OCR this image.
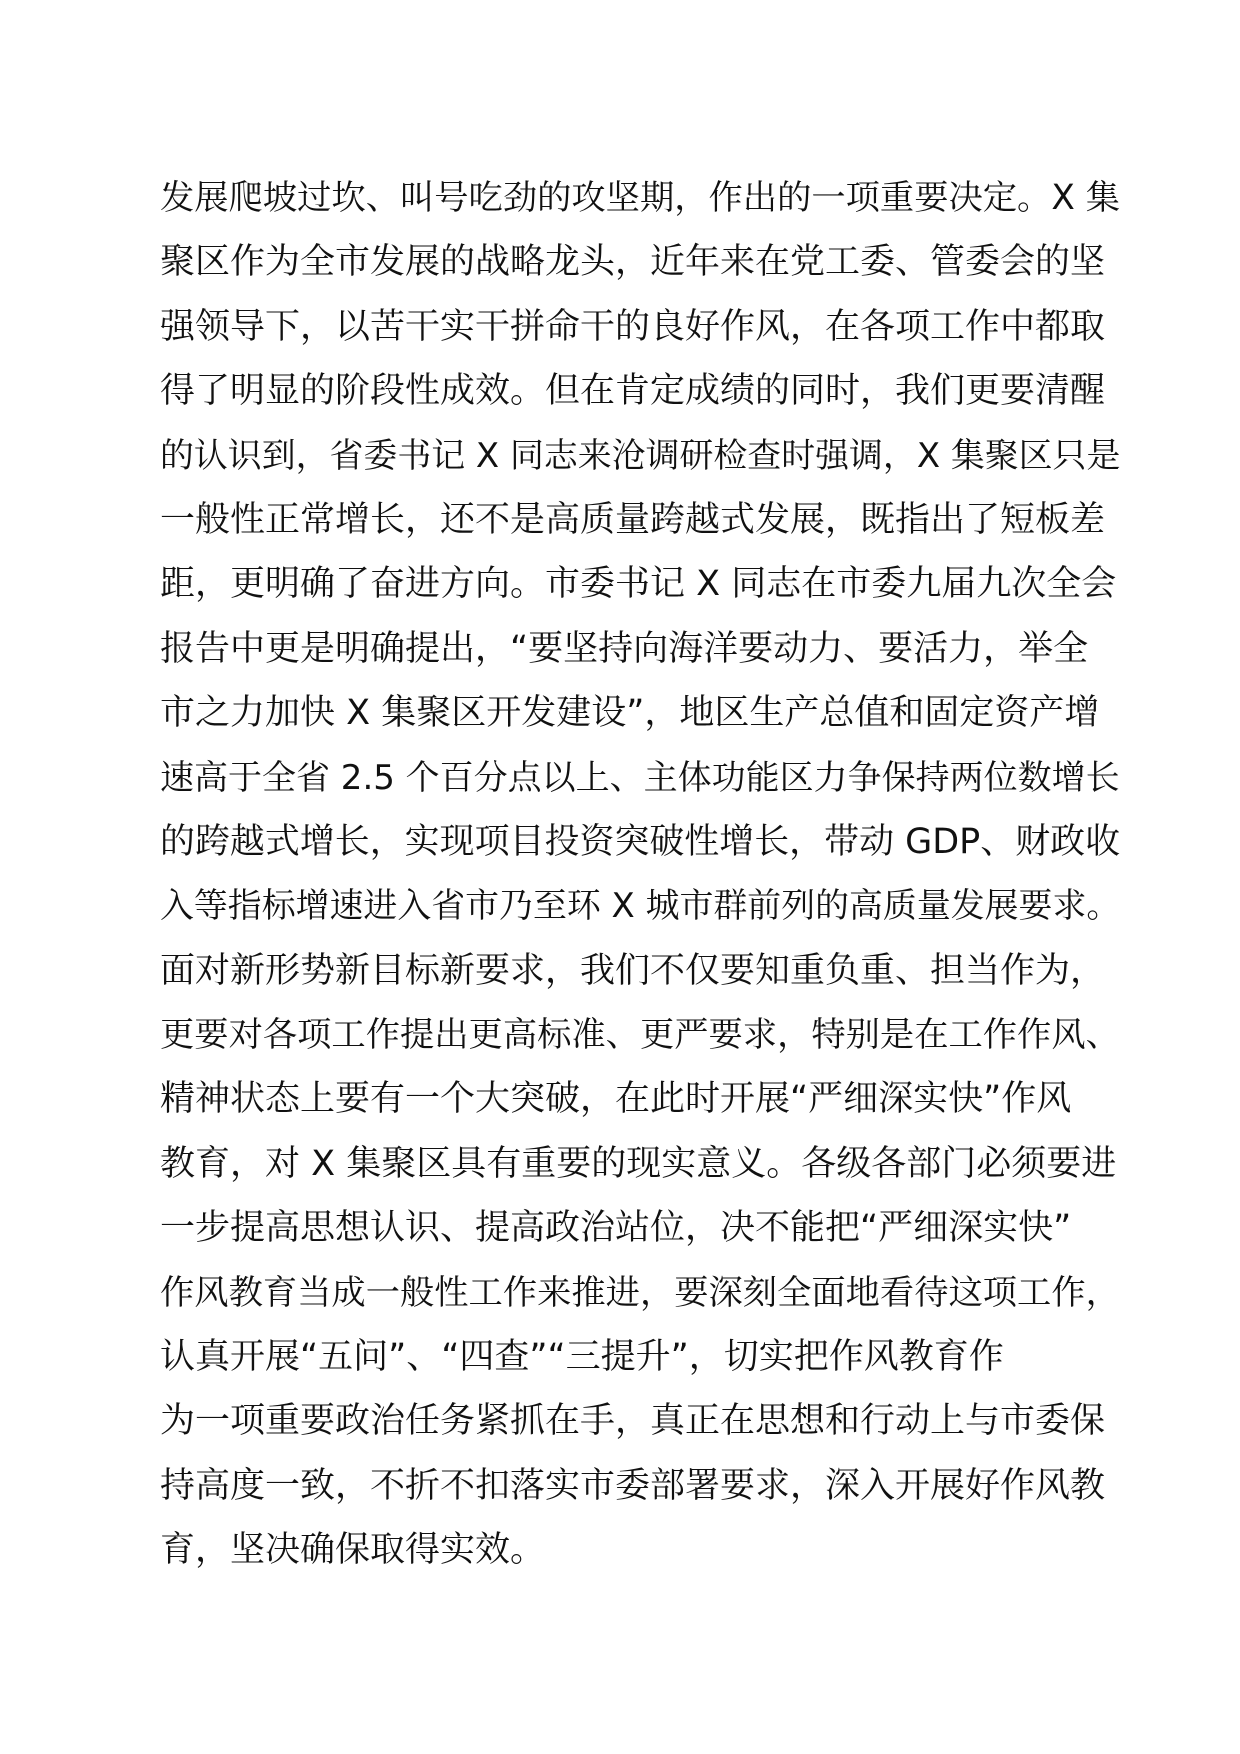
发展爬坡过坎、叫号吃劲的攻坚期，作出的一项重要决定。X 集
聚区作为全市发展的战略龙头，近年来在党工委、管委会的坚
强领导下，以苦干实干拼命干的良好作风，在各项工作中都取
得了明显的阶段性成效。但在肯定成绩的同时，我们更要清醒
的认识到，省委书记 X 同志来沧调研检查时强调，X 集聚区只是
一般性正常增长，还不是高质量跨越式发展，既指出了短板差
距，更明确了奋进方向。市委书记 X 同志在市委九届九次全会
报告中更是明确提出，“要坚持向海洋要动力、要活力，举全
市之力加快 X 集聚区开发建设”，地区生产总值和固定资产增
速高于全省 2.5 个百分点以上、主体功能区力争保持两位数增长
的跨越式增长，实现项目投资突破性增长，带动 GDP、财政收
入等指标增速进入省市乃至环 X 城市群前列的高质量发展要求。
面对新形势新目标新要求，我们不仅要知重负重、担当作为，
更要对各项工作提出更高标准、更严要求，特别是在工作作风、
精神状态上要有一个大突破，在此时开展“严细深实快”作风
教育，对 X 集聚区具有重要的现实意义。各级各部门必须要进
一步提高思想认识、提高政治站位，决不能把“严细深实快”
作风教育当成一般性工作来推进，要深刻全面地看待这项工作，
认真开展“五问”、“四查”“三提升”，切实把作风教育作
为一项重要政治任务紧抓在手，真正在思想和行动上与市委保
持高度一致，不折不扣落实市委部署要求，深入开展好作风教
育，坚决确保取得实效。
